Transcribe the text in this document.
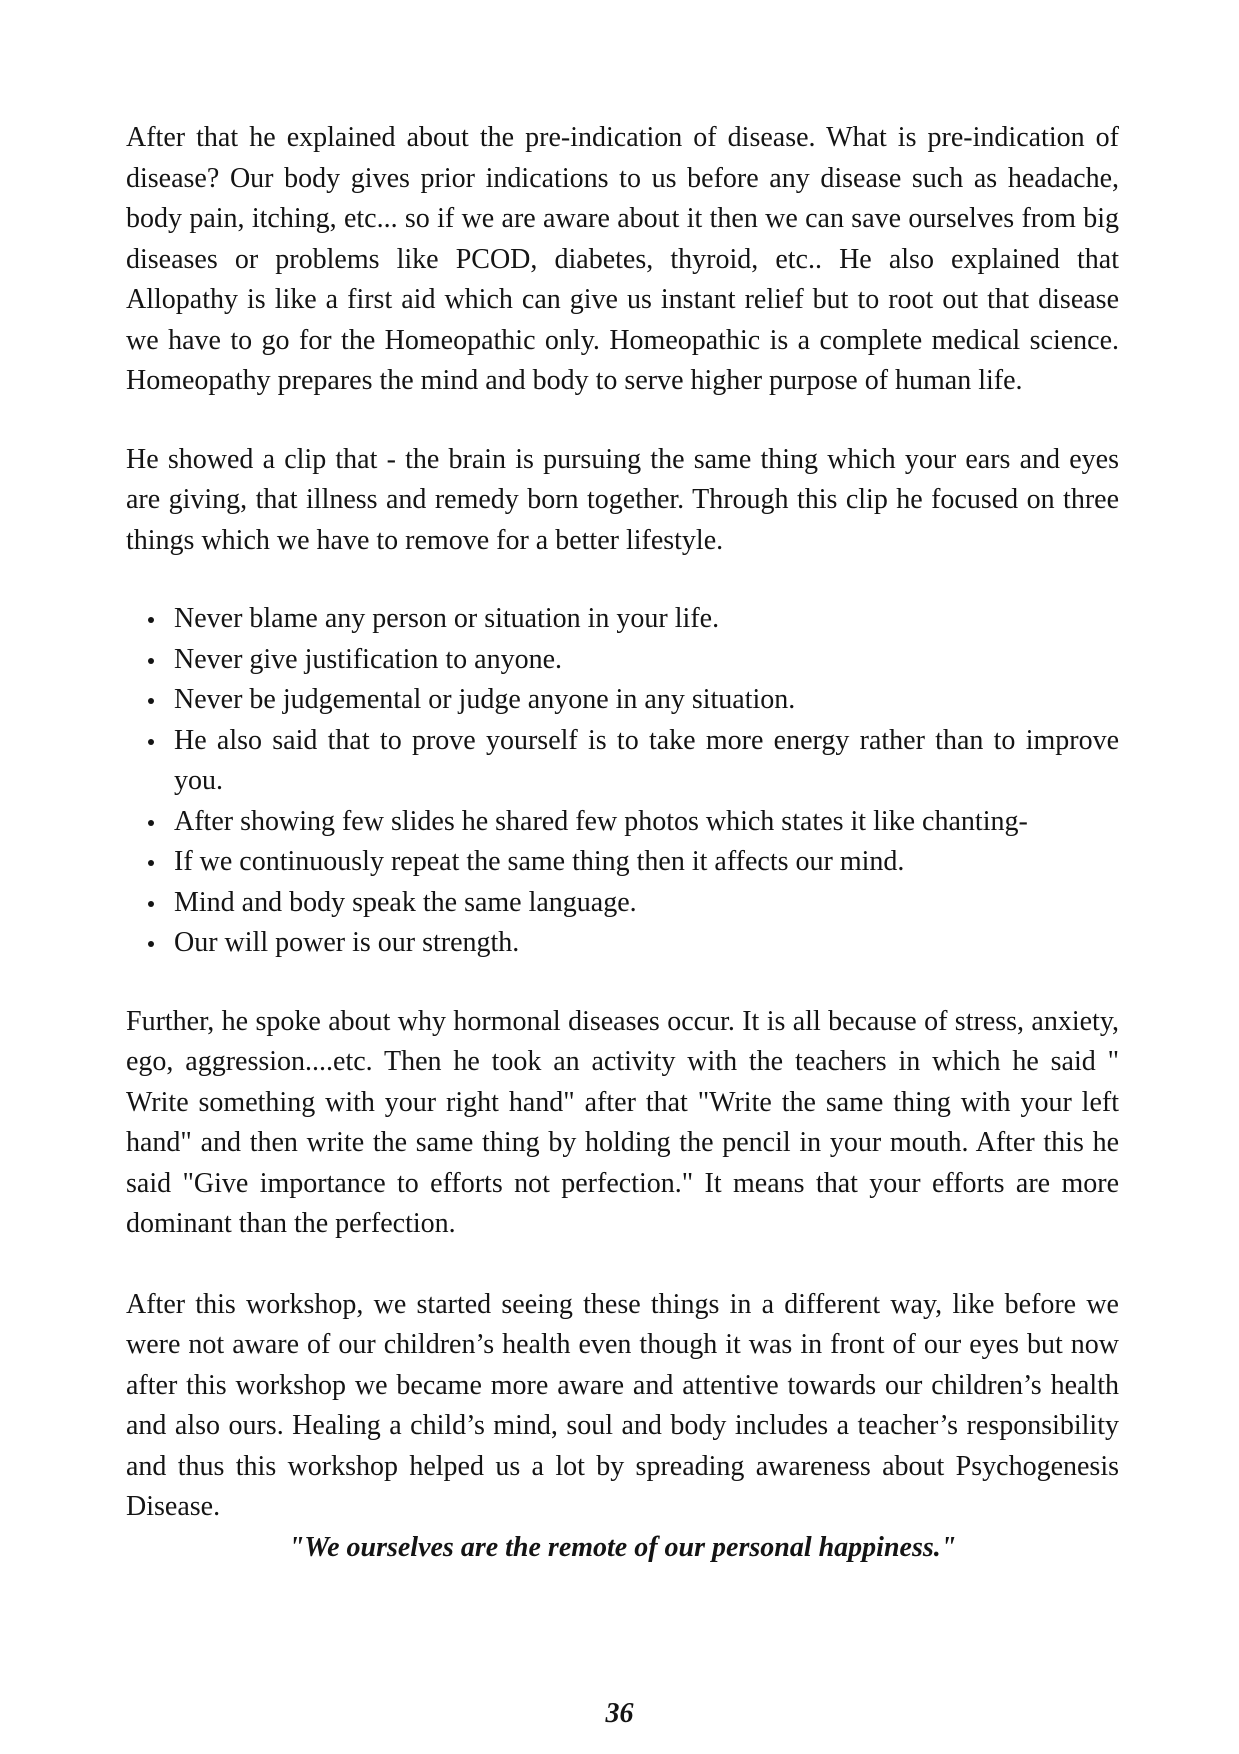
After that he explained about the pre-indication of disease. What is pre-indication of disease? Our body gives prior indications to us before any disease such as headache, body pain, itching, etc... so if we are aware about it then we can save ourselves from big diseases or problems like PCOD, diabetes, thyroid, etc.. He also explained that Allopathy is like a first aid which can give us instant relief but to root out that disease we have to go for the Homeopathic only. Homeopathic is a complete medical science. Homeopathy prepares the mind and body to serve higher purpose of human life.

He showed a clip that - the brain is pursuing the same thing which your ears and eyes are giving, that illness and remedy born together. Through this clip he focused on three things which we have to remove for a better lifestyle.

Never blame any person or situation in your life.
Never give justification to anyone.
Never be judgemental or judge anyone in any situation.
He also said that to prove yourself is to take more energy rather than to improve you.
After showing few slides he shared few photos which states it like chanting-
If we continuously repeat the same thing then it affects our mind.
Mind and body speak the same language.
Our will power is our strength.

Further, he spoke about why hormonal diseases occur. It is all because of stress, anxiety, ego, aggression....etc. Then he took an activity with the teachers in which he said " Write something with your right hand" after that "Write the same thing with your left hand" and then write the same thing by holding the pencil in your mouth. After this he said "Give importance to efforts not perfection." It means that your efforts are more dominant than the perfection.

After this workshop, we started seeing these things in a different way, like before we were not aware of our children’s health even though it was in front of our eyes but now after this workshop we became more aware and attentive towards our children’s health and also ours. Healing a child’s mind, soul and body includes a teacher’s responsibility and thus this workshop helped us a lot by spreading awareness about Psychogenesis Disease.

"We ourselves are the remote of our personal happiness."

36
